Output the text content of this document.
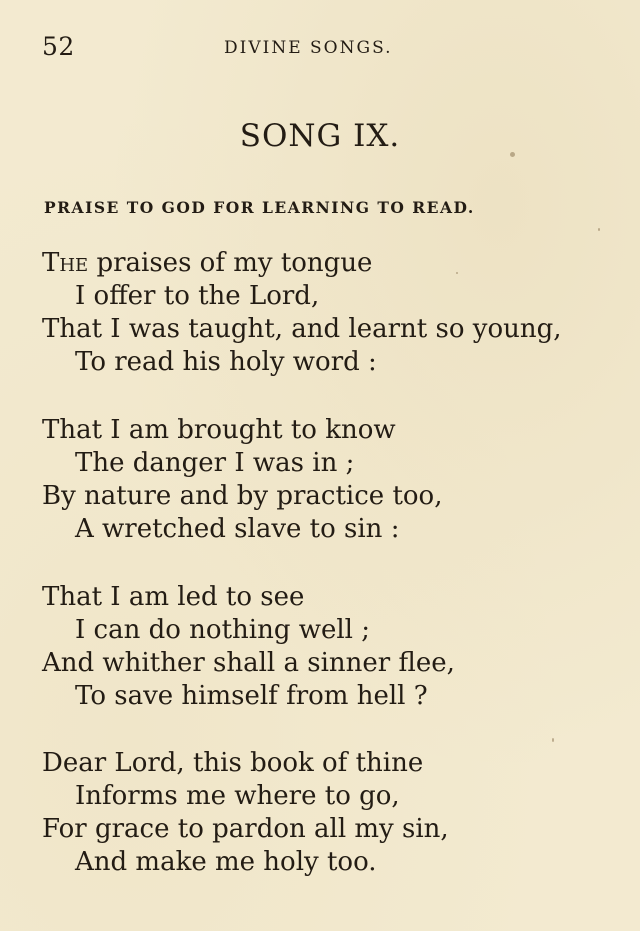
52	DIVINE SONGS.
SONG IX.
PRAISE TO GOD FOR LEARNING TO READ.
The praises of my tongue
I offer to the Lord,
That I was taught, and learnt so young,
To read his holy word :
That I am brought to know
The danger I was in ;
By nature and by practice too,
A wretched slave to sin :
That I am led to see
I can do nothing well ;
And whither shall a sinner flee,
To save himself from hell ?
Dear Lord, this book of thine
Informs me where to go,
For grace to pardon all my sin,
And make me holy too.
